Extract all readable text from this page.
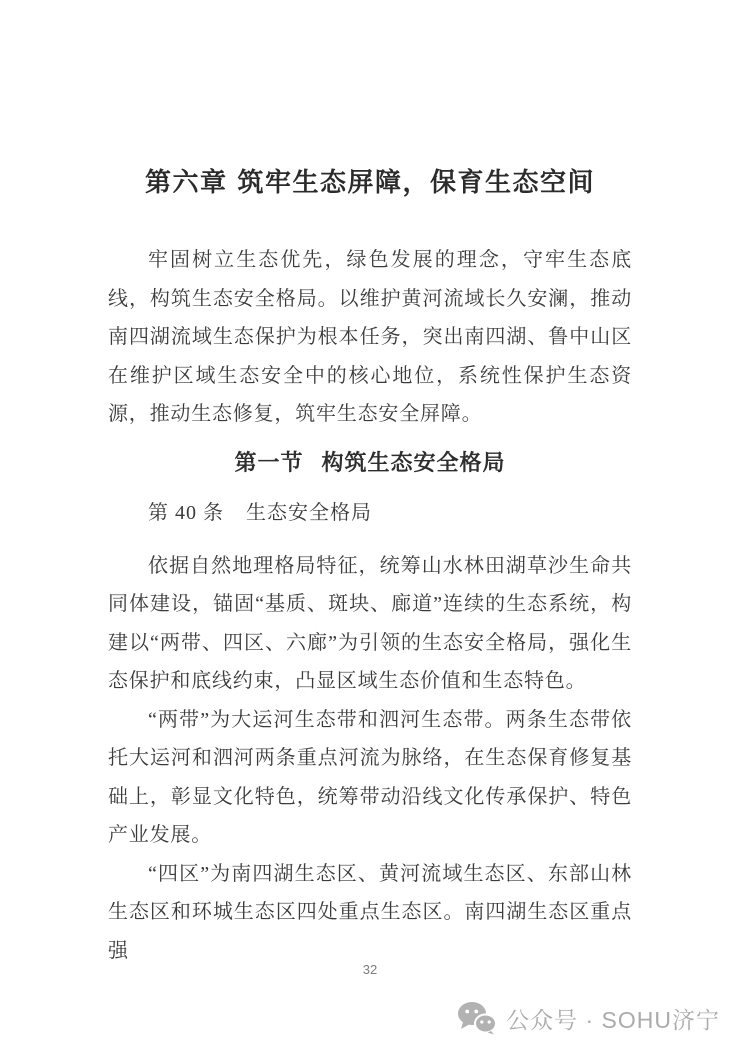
第六章 筑牢生态屏障，保育生态空间

牢固树立生态优先，绿色发展的理念，守牢生态底线，构筑生态安全格局。以维护黄河流域长久安澜，推动南四湖流域生态保护为根本任务，突出南四湖、鲁中山区在维护区域生态安全中的核心地位，系统性保护生态资源，推动生态修复，筑牢生态安全屏障。

第一节 构筑生态安全格局
第 40 条 生态安全格局

依据自然地理格局特征，统筹山水林田湖草沙生命共同体建设，锚固“基质、斑块、廊道”连续的生态系统，构建以“两带、四区、六廊”为引领的生态安全格局，强化生态保护和底线约束，凸显区域生态价值和生态特色。

“两带”为大运河生态带和泗河生态带。两条生态带依托大运河和泗河两条重点河流为脉络，在生态保育修复基础上，彰显文化特色，统筹带动沿线文化传承保护、特色产业发展。

“四区”为南四湖生态区、黄河流域生态区、东部山林生态区和环城生态区四处重点生态区。南四湖生态区重点强

32
公众号 · SOHU济宁
